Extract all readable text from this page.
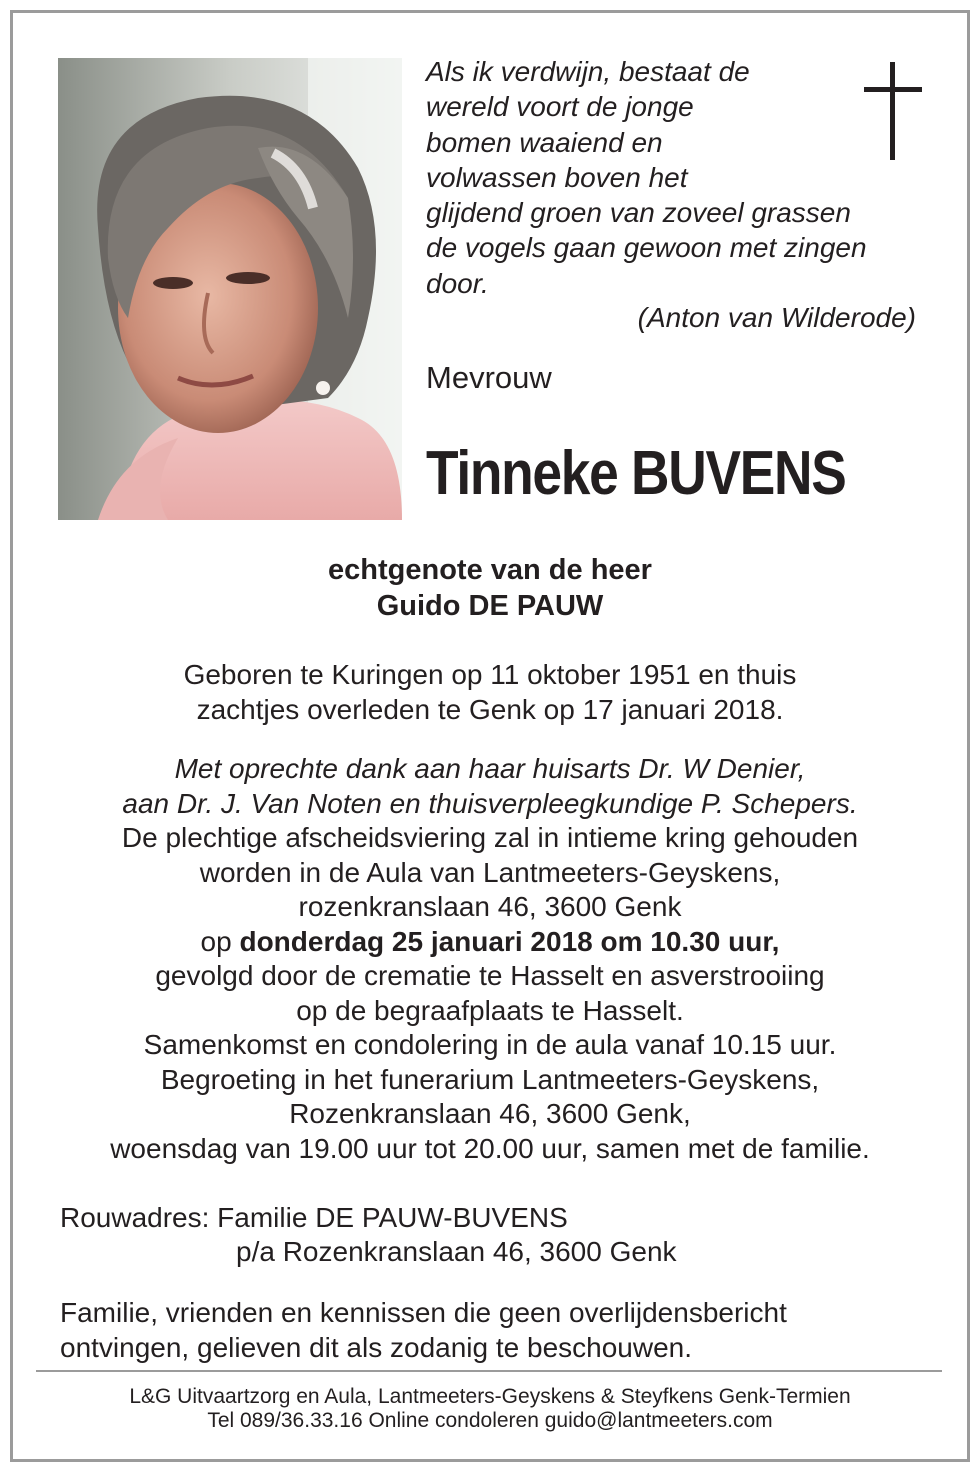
Als ik verdwijn, bestaat de
wereld voort de jonge
bomen waaiend en
volwassen boven het
glijdend groen van zoveel grassen
de vogels gaan gewoon met zingen
door.
(Anton van Wilderode)
Mevrouw
Tinneke BUVENS
echtgenote van de heer
Guido DE PAUW
Geboren te Kuringen op 11 oktober 1951 en thuis
zachtjes overleden te Genk op 17 januari 2018.
Met oprechte dank aan haar huisarts Dr. W Denier,
aan Dr. J. Van Noten en thuisverpleegkundige P. Schepers.
De plechtige afscheidsviering zal in intieme kring gehouden
worden in de Aula van Lantmeeters-Geyskens,
rozenkranslaan 46, 3600 Genk
op donderdag 25 januari 2018 om 10.30 uur,
gevolgd door de crematie te Hasselt en asverstrooiing
op de begraafplaats te Hasselt.
Samenkomst en condolering in de aula vanaf 10.15 uur.
Begroeting in het funerarium Lantmeeters-Geyskens,
Rozenkranslaan 46, 3600 Genk,
woensdag van 19.00 uur tot 20.00 uur, samen met de familie.
Rouwadres: Familie DE PAUW-BUVENS
p/a Rozenkranslaan 46, 3600 Genk
Familie, vrienden en kennissen die geen overlijdensbericht
ontvingen, gelieven dit als zodanig te beschouwen.
L&G Uitvaartzorg en Aula, Lantmeeters-Geyskens & Steyfkens Genk-Termien
Tel 089/36.33.16 Online condoleren guido@lantmeeters.com
